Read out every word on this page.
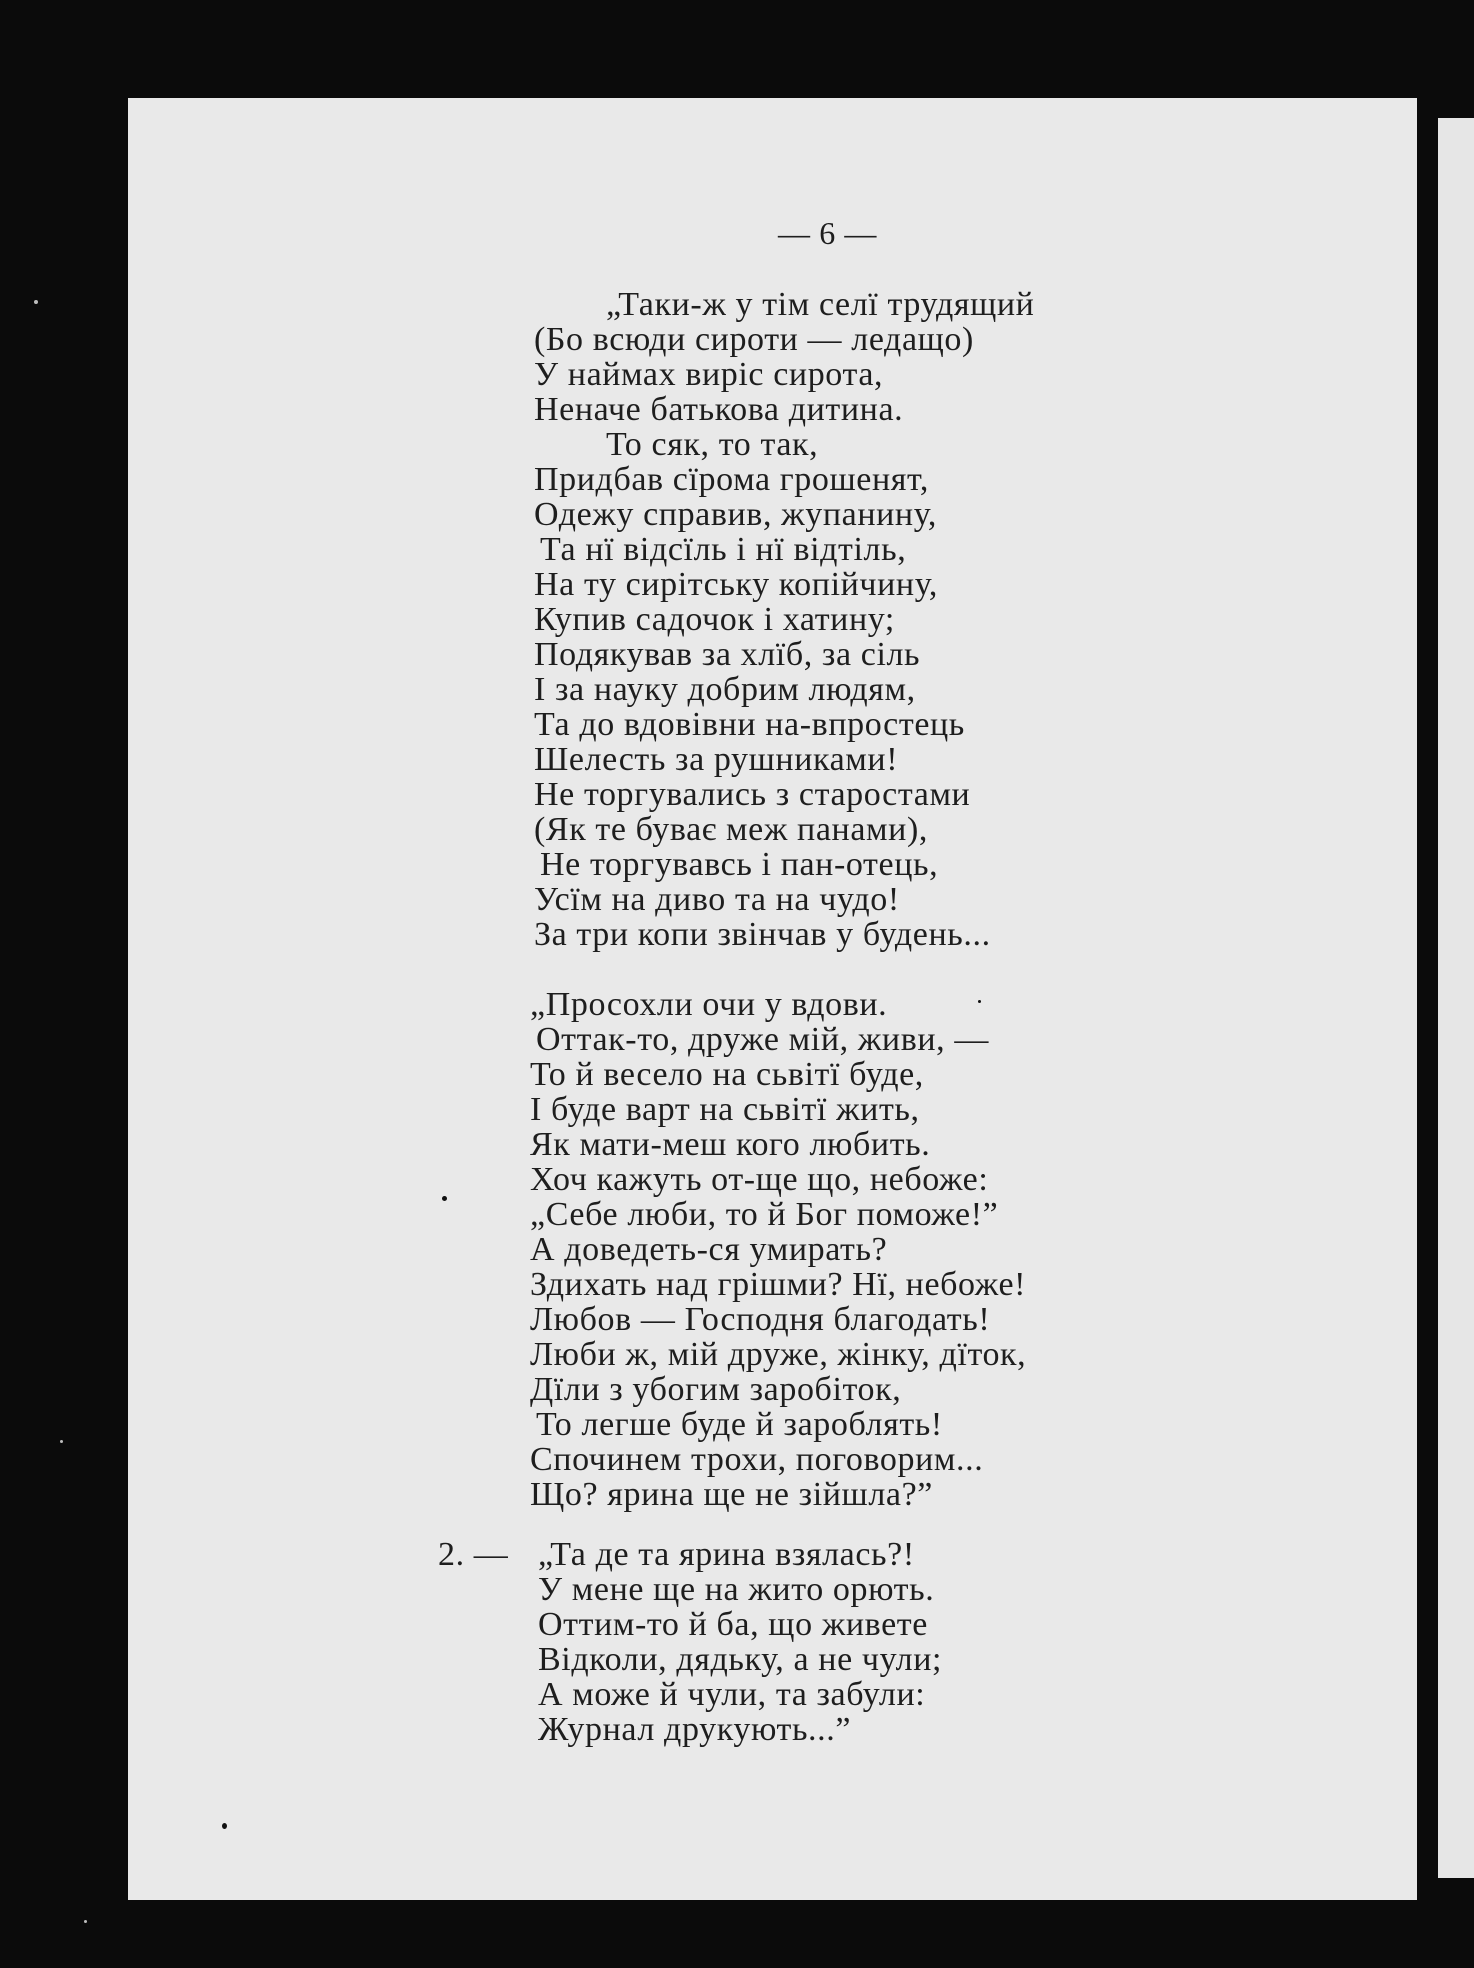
— 6 —
„Таки-ж у тім селї трудящий
(Бо всюди сироти — ледащо)
У наймах виріс сирота,
Неначе батькова дитина.
То сяк, то так,
Придбав сїрома грошенят,
Одежу справив, жупанину,
Та нї відсїль і нї відтіль,
На ту сирітську копійчину,
Купив садочок і хатину;
Подякував за хлїб, за сіль
І за науку добрим людям,
Та до вдовівни на-впростець
Шелесть за рушниками!
Не торгувались з старостами
(Як те буває меж панами),
Не торгувавсь і пан-отець,
Усїм на диво та на чудо!
За три копи звінчав у будень...
„Просохли очи у вдови.
Оттак-то, друже мій, живи, —
То й весело на сьвітї буде,
І буде варт на сьвітї жить,
Як мати-меш кого любить.
Хоч кажуть от-ще що, небоже:
„Себе люби, то й Бог поможе!”
А доведеть-ся умирать?
Здихать над грішми? Нї, небоже!
Любов — Господня благодать!
Люби ж, мій друже, жінку, дїток,
Дїли з убогим заробіток,
То легше буде й зароблять!
Спочинем трохи, поговорим...
Що? ярина ще не зійшла?”
2. — „Та де та ярина взялась?!
У мене ще на жито орють.
Оттим-то й ба, що живете
Відколи, дядьку, а не чули;
А може й чули, та забули:
Журнал друкують...”
